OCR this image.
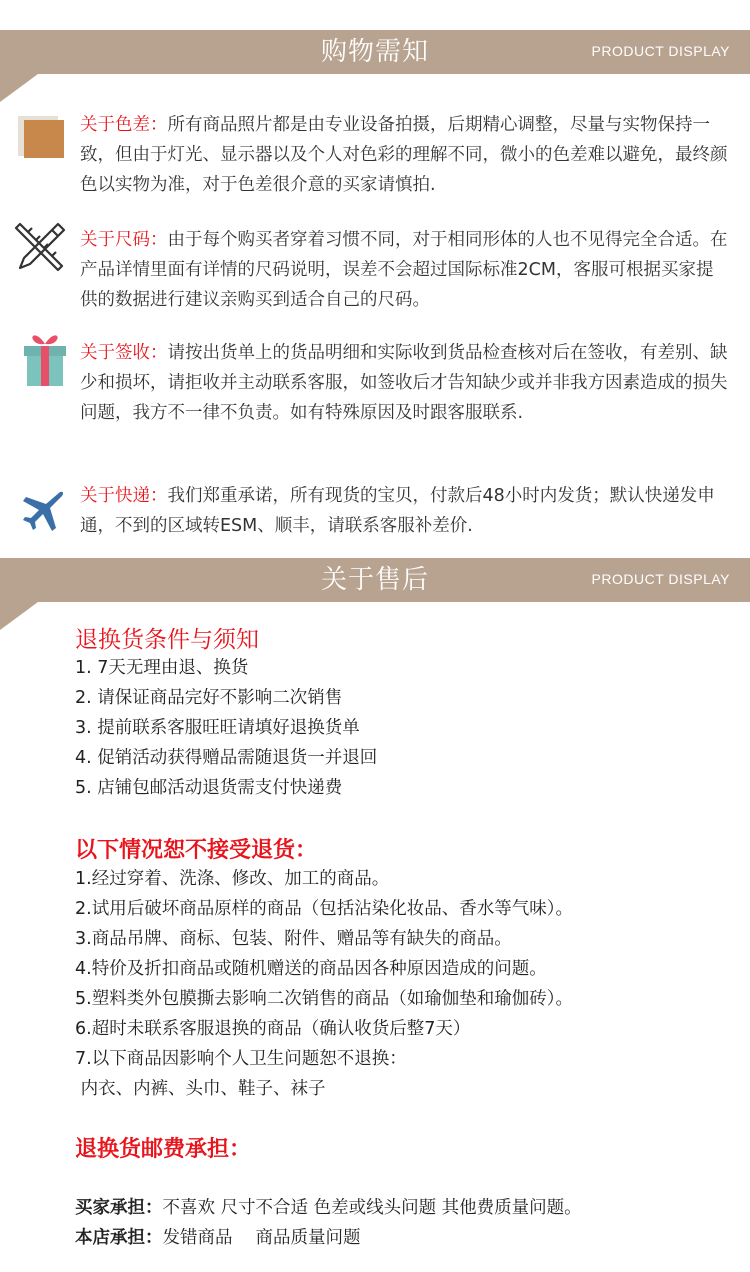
购物需知	PRODUCT DISPLAY
关于色差：所有商品照片都是由专业设备拍摄，后期精心调整，尽量与实物保持一致，但由于灯光、显示器以及个人对色彩的理解不同，微小的色差难以避免，最终颜色以实物为准，对于色差很介意的买家请慎拍.
关于尺码：由于每个购买者穿着习惯不同，对于相同形体的人也不见得完全合适。在产品详情里面有详情的尺码说明，误差不会超过国际标准2CM，客服可根据买家提供的数据进行建议亲购买到适合自己的尺码。
关于签收：请按出货单上的货品明细和实际收到货品检查核对后在签收，有差别、缺少和损坏，请拒收并主动联系客服，如签收后才告知缺少或并非我方因素造成的损失问题，我方不一律不负责。如有特殊原因及时跟客服联系.
关于快递：我们郑重承诺，所有现货的宝贝，付款后48小时内发货；默认快递发申通，不到的区域转ESM、顺丰，请联系客服补差价.
关于售后	PRODUCT DISPLAY
退换货条件与须知
1. 7天无理由退、换货
2. 请保证商品完好不影响二次销售
3. 提前联系客服旺旺请填好退换货单
4. 促销活动获得赠品需随退货一并退回
5. 店铺包邮活动退货需支付快递费
以下情况恕不接受退货：
1.经过穿着、洗涤、修改、加工的商品。
2.试用后破坏商品原样的商品（包括沾染化妆品、香水等气味）。
3.商品吊牌、商标、包装、附件、赠品等有缺失的商品。
4.特价及折扣商品或随机赠送的商品因各种原因造成的问题。
5.塑料类外包膜撕去影响二次销售的商品（如瑜伽垫和瑜伽砖）。
6.超时未联系客服退换的商品（确认收货后整7天）
7.以下商品因影响个人卫生问题恕不退换：
内衣、内裤、头巾、鞋子、袜子
退换货邮费承担：
买家承担：不喜欢 尺寸不合适 色差或线头问题 其他费质量问题。
本店承担：发错商品　 商品质量问题
